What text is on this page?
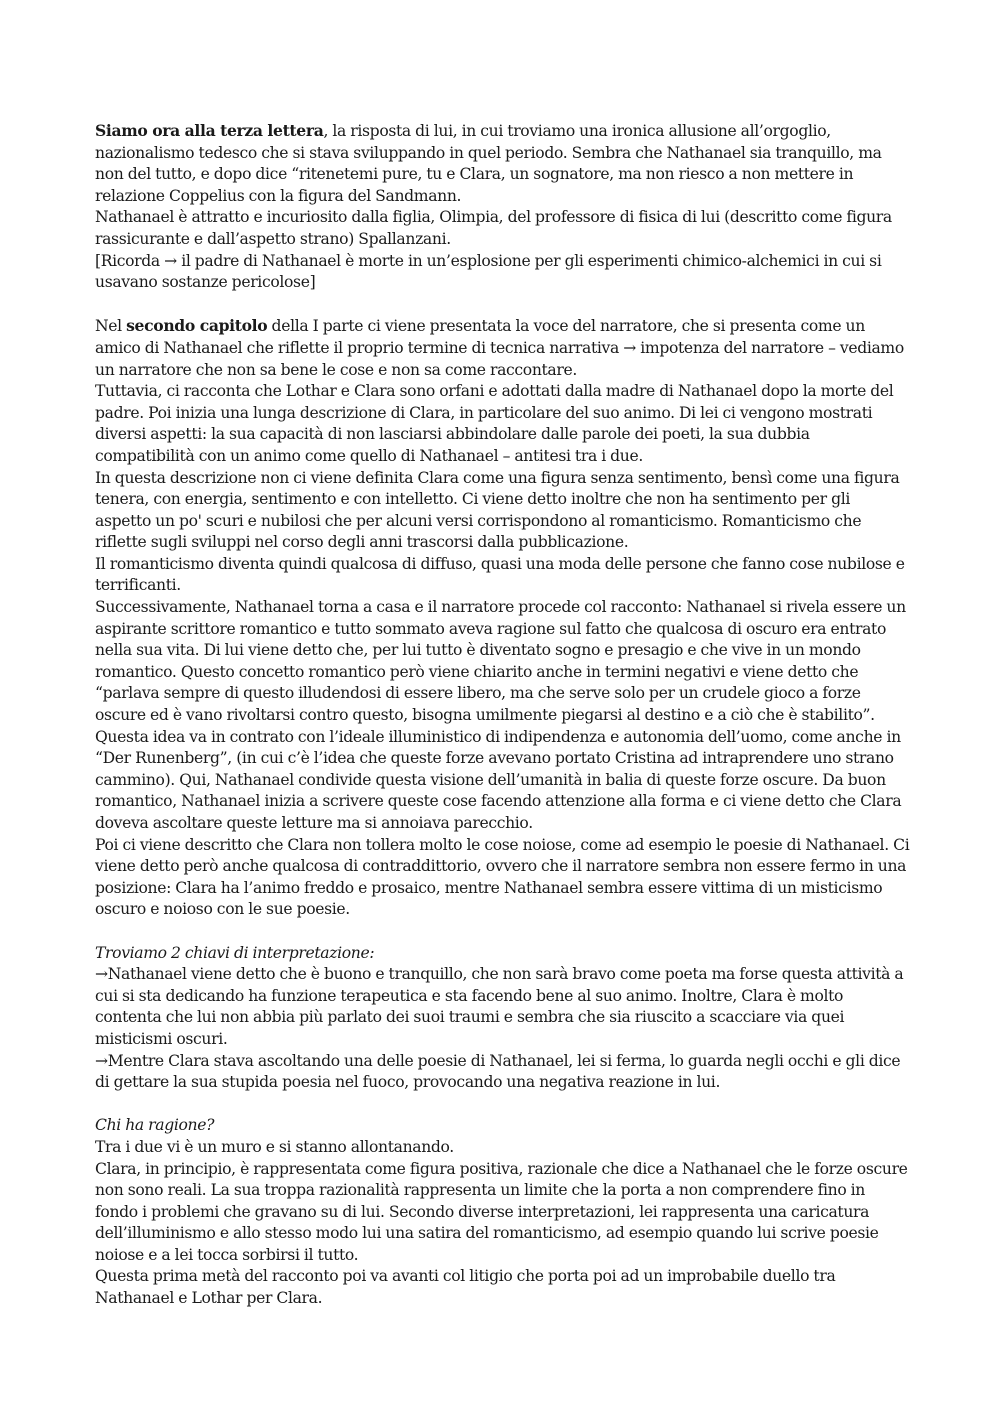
Siamo ora alla terza lettera, la risposta di lui, in cui troviamo una ironica allusione all’orgoglio, nazionalismo tedesco che si stava sviluppando in quel periodo. Sembra che Nathanael sia tranquillo, ma non del tutto, e dopo dice “ritenetemi pure, tu e Clara, un sognatore, ma non riesco a non mettere in relazione Coppelius con la figura del Sandmann.

Nathanael è attratto e incuriosito dalla figlia, Olimpia, del professore di fisica di lui (descritto come figura rassicurante e dall’aspetto strano) Spallanzani.

[Ricorda → il padre di Nathanael è morte in un’esplosione per gli esperimenti chimico-alchemici in cui si usavano sostanze pericolose]

Nel secondo capitolo della I parte ci viene presentata la voce del narratore, che si presenta come un amico di Nathanael che riflette il proprio termine di tecnica narrativa → impotenza del narratore – vediamo un narratore che non sa bene le cose e non sa come raccontare.

Tuttavia, ci racconta che Lothar e Clara sono orfani e adottati dalla madre di Nathanael dopo la morte del padre. Poi inizia una lunga descrizione di Clara, in particolare del suo animo. Di lei ci vengono mostrati diversi aspetti: la sua capacità di non lasciarsi abbindolare dalle parole dei poeti, la sua dubbia compatibilità con un animo come quello di Nathanael – antitesi tra i due.

In questa descrizione non ci viene definita Clara come una figura senza sentimento, bensì come una figura tenera, con energia, sentimento e con intelletto. Ci viene detto inoltre che non ha sentimento per gli aspetto un po' scuri e nubilosi che per alcuni versi corrispondono al romanticismo. Romanticismo che riflette sugli sviluppi nel corso degli anni trascorsi dalla pubblicazione.

Il romanticismo diventa quindi qualcosa di diffuso, quasi una moda delle persone che fanno cose nubilose e terrificanti.

Successivamente, Nathanael torna a casa e il narratore procede col racconto: Nathanael si rivela essere un aspirante scrittore romantico e tutto sommato aveva ragione sul fatto che qualcosa di oscuro era entrato nella sua vita. Di lui viene detto che, per lui tutto è diventato sogno e presagio e che vive in un mondo romantico. Questo concetto romantico però viene chiarito anche in termini negativi e viene detto che “parlava sempre di questo illudendosi di essere libero, ma che serve solo per un crudele gioco a forze oscure ed è vano rivoltarsi contro questo, bisogna umilmente piegarsi al destino e a ciò che è stabilito”. Questa idea va in contrato con l’ideale illuministico di indipendenza e autonomia dell’uomo, come anche in “Der Runenberg”, (in cui c’è l’idea che queste forze avevano portato Cristina ad intraprendere uno strano cammino). Qui, Nathanael condivide questa visione dell’umanità in balia di queste forze oscure. Da buon romantico, Nathanael inizia a scrivere queste cose facendo attenzione alla forma e ci viene detto che Clara doveva ascoltare queste letture ma si annoiava parecchio.

Poi ci viene descritto che Clara non tollera molto le cose noiose, come ad esempio le poesie di Nathanael. Ci viene detto però anche qualcosa di contraddittorio, ovvero che il narratore sembra non essere fermo in una posizione: Clara ha l’animo freddo e prosaico, mentre Nathanael sembra essere vittima di un misticismo oscuro e noioso con le sue poesie.

Troviamo 2 chiavi di interpretazione:

→Nathanael viene detto che è buono e tranquillo, che non sarà bravo come poeta ma forse questa attività a cui si sta dedicando ha funzione terapeutica e sta facendo bene al suo animo. Inoltre, Clara è molto contenta che lui non abbia più parlato dei suoi traumi e sembra che sia riuscito a scacciare via quei misticismi oscuri.

→Mentre Clara stava ascoltando una delle poesie di Nathanael, lei si ferma, lo guarda negli occhi e gli dice di gettare la sua stupida poesia nel fuoco, provocando una negativa reazione in lui.

Chi ha ragione?

Tra i due vi è un muro e si stanno allontanando.

Clara, in principio, è rappresentata come figura positiva, razionale che dice a Nathanael che le forze oscure non sono reali. La sua troppa razionalità rappresenta un limite che la porta a non comprendere fino in fondo i problemi che gravano su di lui. Secondo diverse interpretazioni, lei rappresenta una caricatura dell’illuminismo e allo stesso modo lui una satira del romanticismo, ad esempio quando lui scrive poesie noiose e a lei tocca sorbirsi il tutto.

Questa prima metà del racconto poi va avanti col litigio che porta poi ad un improbabile duello tra Nathanael e Lothar per Clara.
